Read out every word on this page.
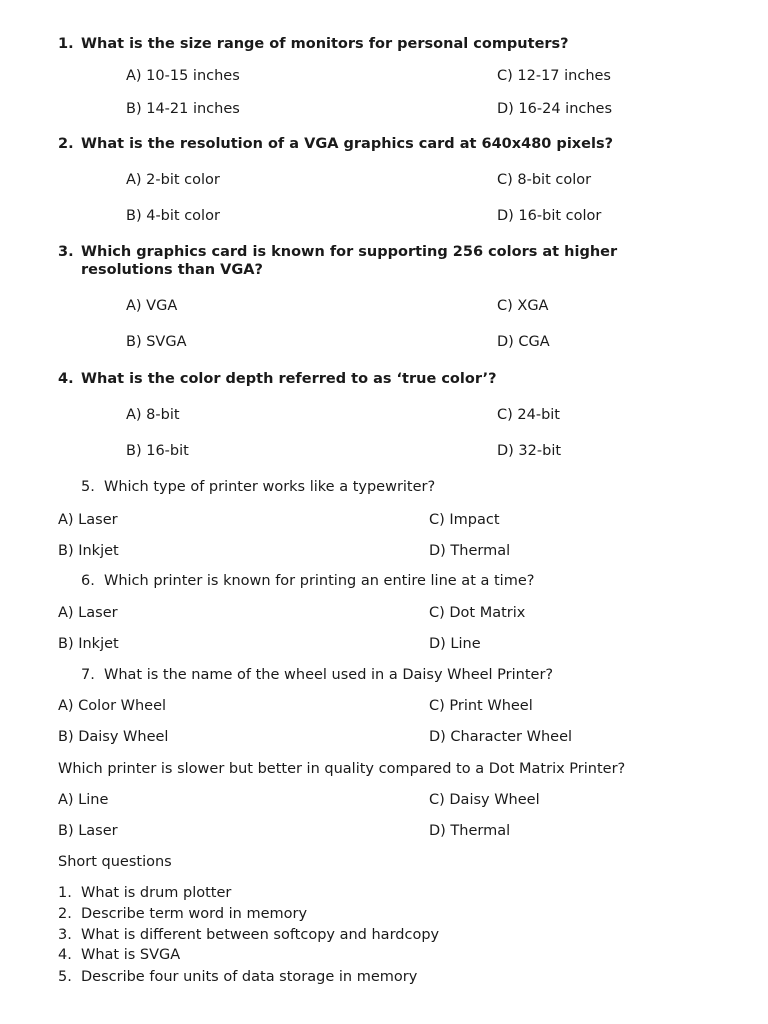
1. What is the size range of monitors for personal computers?
A) 10-15 inches	C) 12-17 inches
B) 14-21 inches	D) 16-24 inches
2. What is the resolution of a VGA graphics card at 640x480 pixels?
A) 2-bit color	C) 8-bit color
B) 4-bit color	D) 16-bit color
3. Which graphics card is known for supporting 256 colors at higher resolutions than VGA?
A) VGA	C) XGA
B) SVGA	D) CGA
4. What is the color depth referred to as ‘true color’?
A) 8-bit	C) 24-bit
B) 16-bit	D) 32-bit
5. Which type of printer works like a typewriter?
A) Laser	C) Impact
B) Inkjet	D) Thermal
6. Which printer is known for printing an entire line at a time?
A) Laser	C) Dot Matrix
B) Inkjet	D) Line
7. What is the name of the wheel used in a Daisy Wheel Printer?
A) Color Wheel	C) Print Wheel
B) Daisy Wheel	D) Character Wheel
Which printer is slower but better in quality compared to a Dot Matrix Printer?
A) Line	C) Daisy Wheel
B) Laser	D) Thermal
Short questions
1. What is drum plotter
2. Describe term word in memory
3. What is different between softcopy and hardcopy
4. What is SVGA
5. Describe four units of data storage in memory
